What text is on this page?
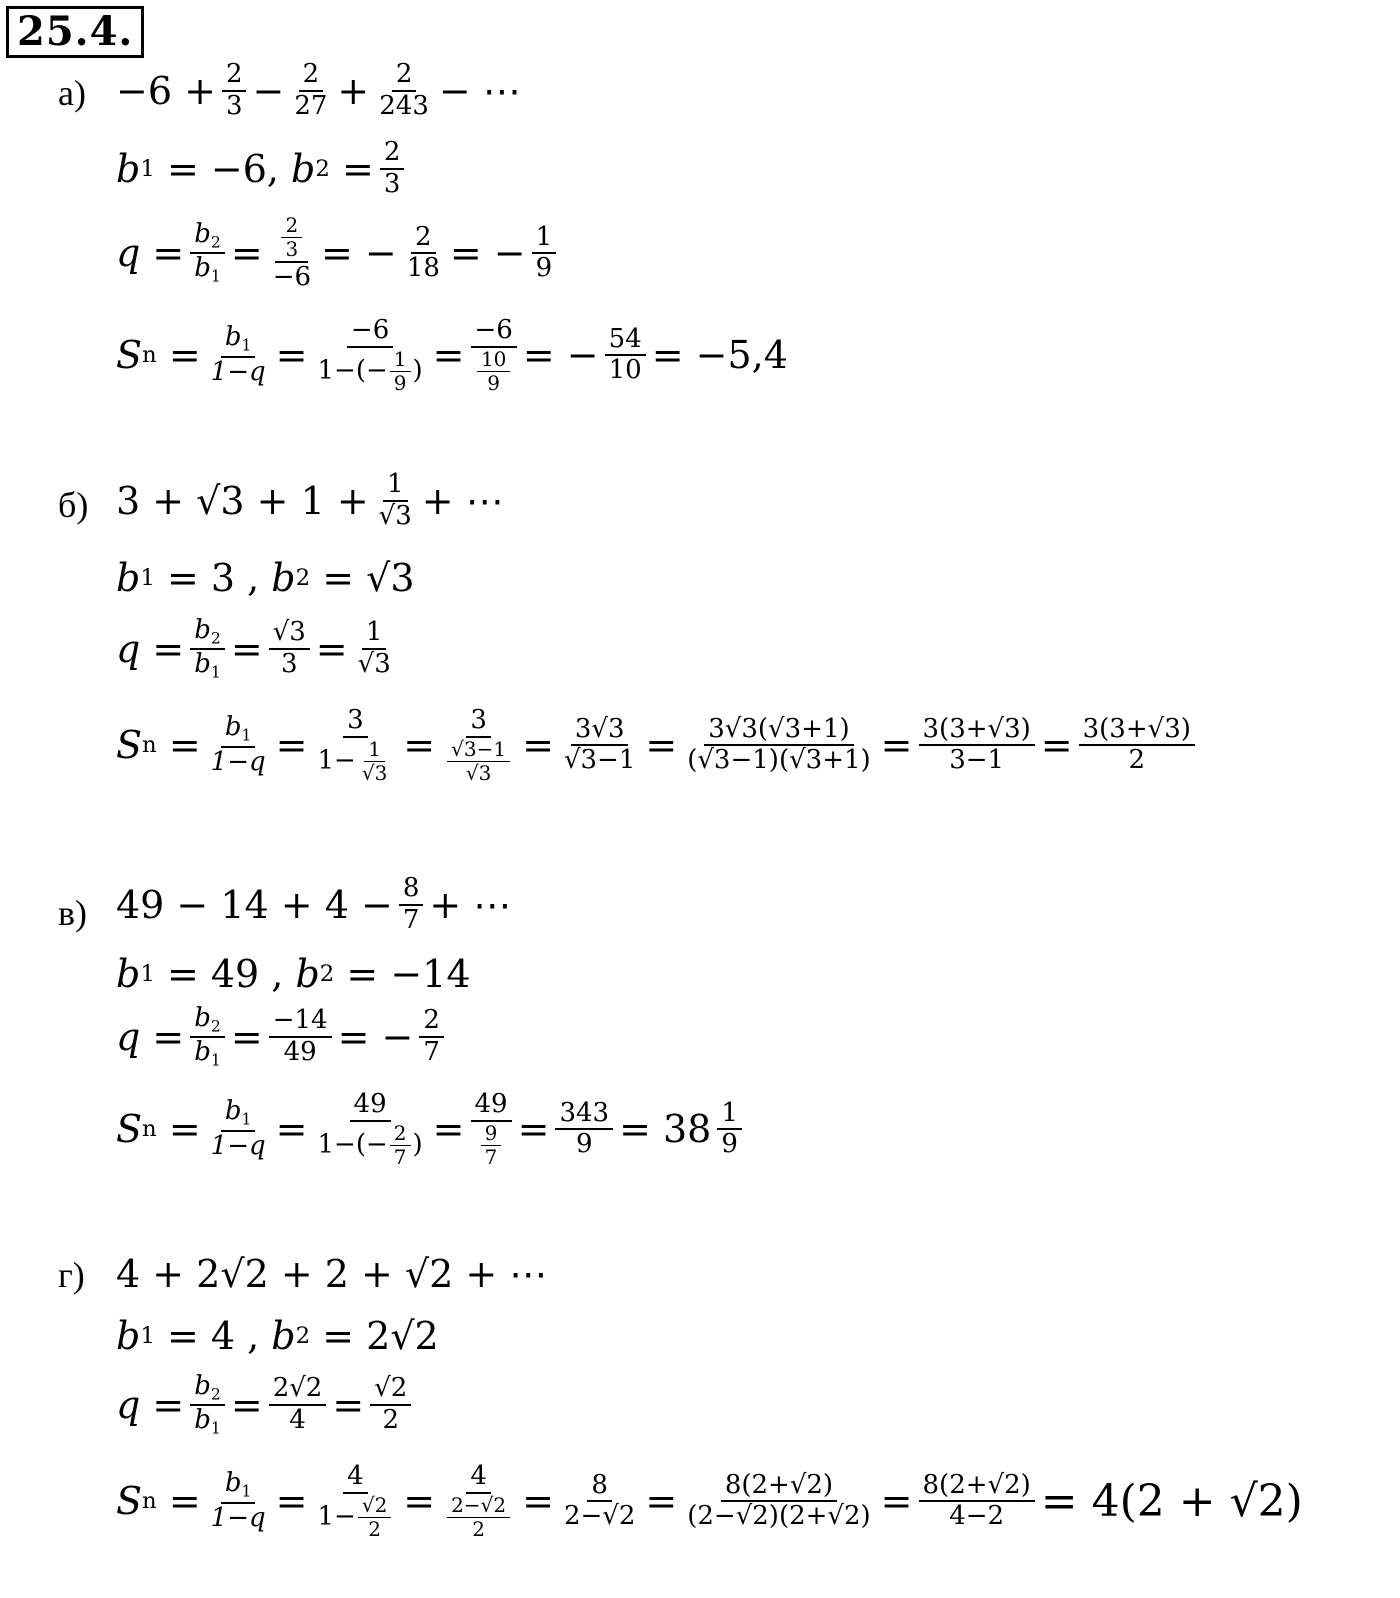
25.4.
$а) -6 + \frac{2}{3} - \frac{2}{27} + \frac{2}{243}$ − ⋯
b 1
= −6,
b 2
= $\frac{2}{3}$
q
= $\frac{b_2}{b_1} = \frac{\frac{2}{3}}{-6}$ = − $\frac{2}{18}$ = − $\frac{1}{9}$
S n
= $\frac{b_1}{1-q} = \frac{-6}{1-(- \frac{1}{9} )} = \frac{-6}{\frac{10}{9}}$ = − $\frac{54}{10} = -5,4$
б) $3 + √3 + 1 + \frac{1}{√3}$ + ⋯
b 1
= 3 ,
b 2
= √3
q
= $\frac{b_2}{b_1} = \frac{√3}{3} = \frac{1}{√3}$
S n
= $\frac{b_1}{1-q} = \frac{3}{1- \frac{1}{√3}} = \frac{3}{\frac{√3-1}{√3}} = \frac{3√3}{√3-1} = \frac{3√3(√3+1)}{(√3-1)(√3+1)} = \frac{3(3+√3)}{3-1} = \frac{3(3+√3)}{2}$
в) $49 - 14 + 4 - \frac{8}{7}$ + ⋯
b 1
= 49 ,
b 2
= −14
q
= $\frac{b_2}{b_1} = \frac{-14}{49}$ = − $\frac{2}{7}$
S n
= $\frac{b_1}{1-q} = \frac{49}{1-(- \frac{2}{7} )} = \frac{49}{\frac{9}{7}} = \frac{343}{9} = 38 \frac{1}{9}$
г) 4 + 2√2 + 2 + √2 + ⋯
b 1
= 4 ,
b 2
= 2√2
q
= $\frac{b_2}{b_1} = \frac{2√2}{4} = \frac{√2}{2}$
S n
= $\frac{b_1}{1-q} = \frac{4}{1- \frac{√2}{2}} = \frac{4}{\frac{2-√2}{2}} = \frac{8}{2-√2} = \frac{8(2+√2)}{(2-√2)(2+√2)} = \frac{8(2+√2)}{4-2} = 4(2 + √2)$
